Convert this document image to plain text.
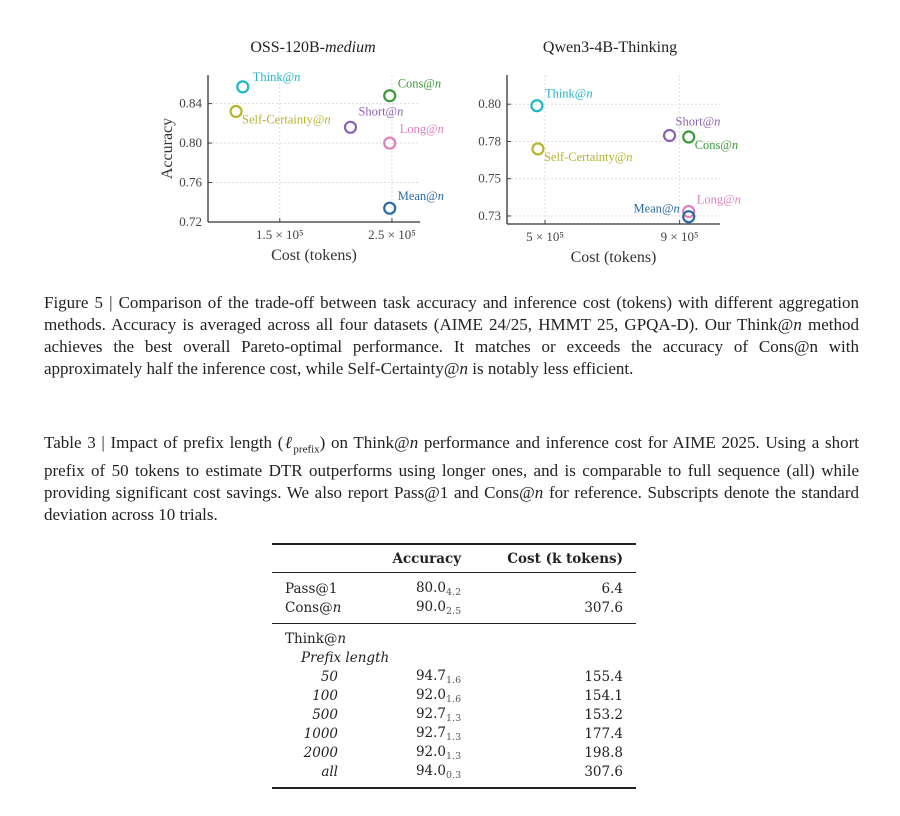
1.5 × 10⁵	2.5 × 10⁵
0.72
0.76
0.80
0.84
OSS-120B-medium
Cost (tokens)
Accuracy
Think@n	Cons@n
Self-Certainty@n
Short@n
Long@n
Mean@n
5 × 10⁵	9 × 10⁵
0.73
0.75
0.78
0.80
Qwen3-4B-Thinking
Cost (tokens)
Think@n
Self-Certainty@n
Short@n
Cons@n
Long@n
Mean@n

Figure 5 | Comparison of the trade-off between task accuracy and inference cost (tokens) with different aggregation methods. Accuracy is averaged across all four datasets (AIME 24/25, HMMT 25, GPQA-D). Our Think@n method achieves the best overall Pareto-optimal performance. It matches or exceeds the accuracy of Cons@n with approximately half the inference cost, while Self-Certainty@n is notably less efficient.

Table 3 | Impact of prefix length (ℓ$_{prefix}$) on Think@n performance and inference cost for AIME 2025. Using a short prefix of 50 tokens to estimate DTR outperforms using longer ones, and is comparable to full sequence (all) while providing significant cost savings. We also report Pass@1 and Cons@n for reference. Subscripts denote the standard deviation across 10 trials.

	Accuracy	Cost (k tokens)
Pass@1	$80.0_{4.2}$	6.4
Cons@n	$90.0_{2.5}$	307.6
Think@n		
Prefix length		
50	$94.7_{1.6}$	155.4
100	$92.0_{1.6}$	154.1
500	$92.7_{1.3}$	153.2
1000	$92.7_{1.3}$	177.4
2000	$92.0_{1.3}$	198.8
all	$94.0_{0.3}$	307.6
